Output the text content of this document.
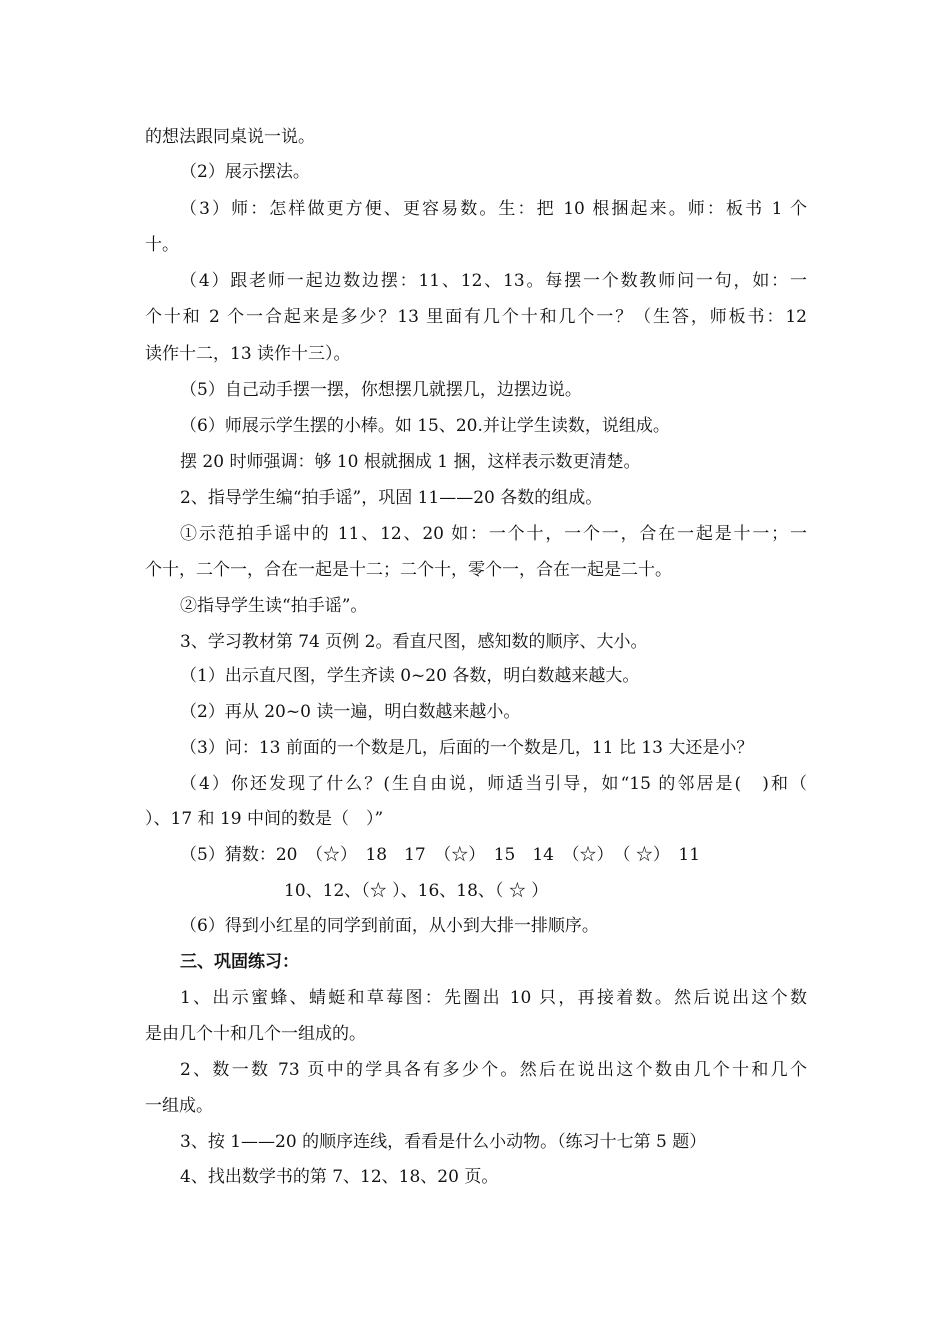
的想法跟同桌说一说。
（2）展示摆法。
（3）师：怎样做更方便、更容易数。生：把 10 根捆起来。师：板书 1 个
十。
（4）跟老师一起边数边摆：11、12、13。每摆一个数教师问一句，如：一
个十和 2 个一合起来是多少？13 里面有几个十和几个一？（生答，师板书：12
读作十二，13 读作十三）。
（5）自己动手摆一摆，你想摆几就摆几，边摆边说。
（6）师展示学生摆的小棒。如 15、20.并让学生读数，说组成。
摆 20 时师强调：够 10 根就捆成 1 捆，这样表示数更清楚。
2、指导学生编“拍手谣”，巩固 11——20 各数的组成。
①示范拍手谣中的 11、12、20 如：一个十，一个一，合在一起是十一；一
个十，二个一，合在一起是十二；二个十，零个一，合在一起是二十。
②指导学生读“拍手谣”。
3、学习教材第 74 页例 2。看直尺图，感知数的顺序、大小。
（1）出示直尺图，学生齐读 0~20 各数，明白数越来越大。
（2）再从 20~0 读一遍，明白数越来越小。
（3）问：13 前面的一个数是几，后面的一个数是几，11 比 13 大还是小？
（4）你还发现了什么？(生自由说，师适当引导，如“15 的邻居是(　)和（
）、17 和 19 中间的数是（　）”
（5）猜数：20　（☆）　18　17　（☆）　15　14　（☆）　（ ☆）　11
10、12、（☆ ）、16、18、（ ☆ ）
（6）得到小红星的同学到前面，从小到大排一排顺序。
三、巩固练习：
1、出示蜜蜂、蜻蜓和草莓图：先圈出 10 只，再接着数。然后说出这个数
是由几个十和几个一组成的。
2、数一数 73 页中的学具各有多少个。然后在说出这个数由几个十和几个
一组成。
3、按 1——20 的顺序连线，看看是什么小动物。（练习十七第 5 题）
4、找出数学书的第 7、12、18、20 页。
